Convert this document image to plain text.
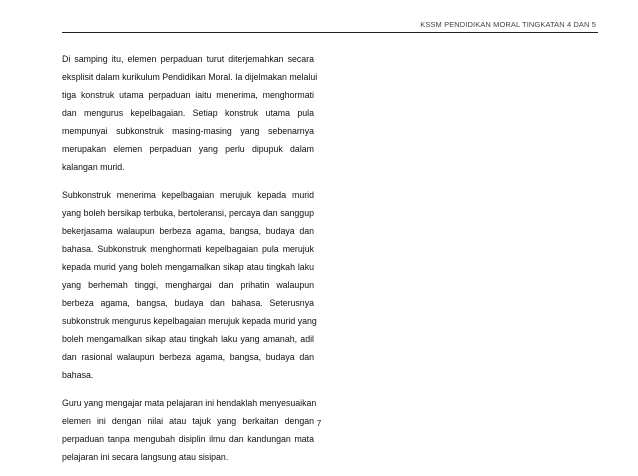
KSSM PENDIDIKAN MORAL TINGKATAN 4 DAN 5

Di samping itu, elemen perpaduan turut diterjemahkan secara
eksplisit dalam kurikulum Pendidikan Moral. Ia dijelmakan melalui
tiga konstruk utama perpaduan iaitu menerima, menghormati
dan mengurus kepelbagaian. Setiap konstruk utama pula
mempunyai subkonstruk masing-masing yang sebenarnya
merupakan elemen perpaduan yang perlu dipupuk dalam
kalangan murid.

Subkonstruk menerima kepelbagaian merujuk kepada murid
yang boleh bersikap terbuka, bertoleransi, percaya dan sanggup
bekerjasama walaupun berbeza agama, bangsa, budaya dan
bahasa. Subkonstruk menghormati kepelbagaian pula merujuk
kepada murid yang boleh mengamalkan sikap atau tingkah laku
yang berhemah tinggi, menghargai dan prihatin walaupun
berbeza agama, bangsa, budaya dan bahasa. Seterusnya
subkonstruk mengurus kepelbagaian merujuk kepada murid yang
boleh mengamalkan sikap atau tingkah laku yang amanah, adil
dan rasional walaupun berbeza agama, bangsa, budaya dan
bahasa.

Guru yang mengajar mata pelajaran ini hendaklah menyesuaikan
elemen ini dengan nilai atau tajuk yang berkaitan dengan
perpaduan tanpa mengubah disiplin ilmu dan kandungan mata
pelajaran ini secara langsung atau sisipan.

7
